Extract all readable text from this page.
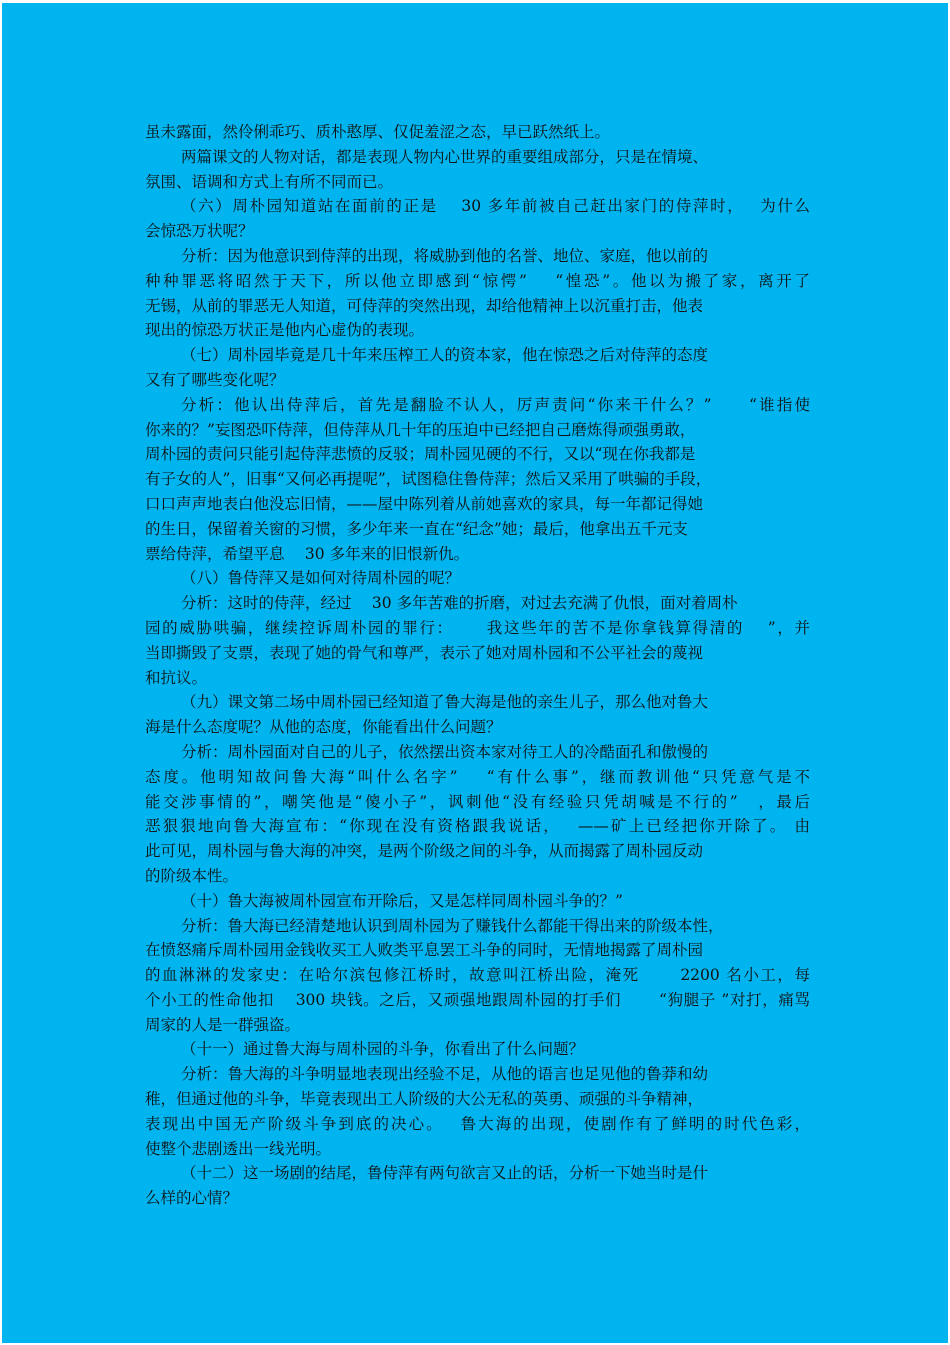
虽未露面，然伶俐乖巧、质朴憨厚、仅促羞涩之态，早已跃然纸上。
两篇课文的人物对话，都是表现人物内心世界的重要组成部分，只是在情境、
氛围、语调和方式上有所不同而已。
（六）周朴园知道站在面前的正是　 30 多年前被自己赶出家门的侍萍时，　 为什么
会惊恐万状呢？
分析：因为他意识到侍萍的出现，将威胁到他的名誉、地位、家庭，他以前的
种种罪恶将昭然于天下，所以他立即感到“惊愕”　 “惶恐”。他以为搬了家，离开了
无锡，从前的罪恶无人知道，可侍萍的突然出现，却给他精神上以沉重打击，他表
现出的惊恐万状正是他内心虚伪的表现。
（七）周朴园毕竟是几十年来压榨工人的资本家，他在惊恐之后对侍萍的态度
又有了哪些变化呢？
分析：他认出侍萍后，首先是翻脸不认人，厉声责问“你来干什么？”　　“谁指使
你来的？”妄图恐吓侍萍，但侍萍从几十年的压迫中已经把自己磨炼得顽强勇敢，
周朴园的责问只能引起侍萍悲愤的反驳；周朴园见硬的不行，又以“现在你我都是
有子女的人”，旧事“又何必再提呢”，试图稳住鲁侍萍；然后又采用了哄骗的手段，
口口声声地表白他没忘旧情，——屋中陈列着从前她喜欢的家具，每一年都记得她
的生日，保留着关窗的习惯，多少年来一直在“纪念”她；最后，他拿出五千元支
票给侍萍，希望平息　 30 多年来的旧恨新仇。
（八）鲁侍萍又是如何对待周朴园的呢？
分析：这时的侍萍，经过　 30 多年苦难的折磨，对过去充满了仇恨，面对着周朴
园的威胁哄骗，继续控诉周朴园的罪行：　　 我这些年的苦不是你拿钱算得清的　 ”，并
当即撕毁了支票，表现了她的骨气和尊严，表示了她对周朴园和不公平社会的蔑视
和抗议。
（九）课文第二场中周朴园已经知道了鲁大海是他的亲生儿子，那么他对鲁大
海是什么态度呢？从他的态度，你能看出什么问题？
分析：周朴园面对自己的儿子，依然摆出资本家对待工人的冷酷面孔和傲慢的
态度。他明知故问鲁大海“叫什么名字”　 “有什么事”，继而教训他“只凭意气是不
能交涉事情的”，嘲笑他是“傻小子”，讽刺他“没有经验只凭胡喊是不行的”　，最后
恶狠狠地向鲁大海宣布：“你现在没有资格跟我说话，　 ——矿上已经把你开除了。 由
此可见，周朴园与鲁大海的冲突，是两个阶级之间的斗争，从而揭露了周朴园反动
的阶级本性。
（十）鲁大海被周朴园宣布开除后，又是怎样同周朴园斗争的？”
分析：鲁大海已经清楚地认识到周朴园为了赚钱什么都能干得出来的阶级本性，
在愤怒痛斥周朴园用金钱收买工人败类平息罢工斗争的同时，无情地揭露了周朴园
的血淋淋的发家史：在哈尔滨包修江桥时，故意叫江桥出险，淹死　　 2200 名小工，每
个小工的性命他扣　 300 块钱。之后，又顽强地跟周朴园的打手们　　 “狗腿子 ”对打，痛骂
周家的人是一群强盗。
（十一）通过鲁大海与周朴园的斗争，你看出了什么问题？
分析：鲁大海的斗争明显地表现出经验不足，从他的语言也足见他的鲁莽和幼
稚，但通过他的斗争，毕竟表现出工人阶级的大公无私的英勇、顽强的斗争精神，
表现出中国无产阶级斗争到底的决心。　 鲁大海的出现，使剧作有了鲜明的时代色彩，
使整个悲剧透出一线光明。
（十二）这一场剧的结尾，鲁侍萍有两句欲言又止的话，分析一下她当时是什
么样的心情？
